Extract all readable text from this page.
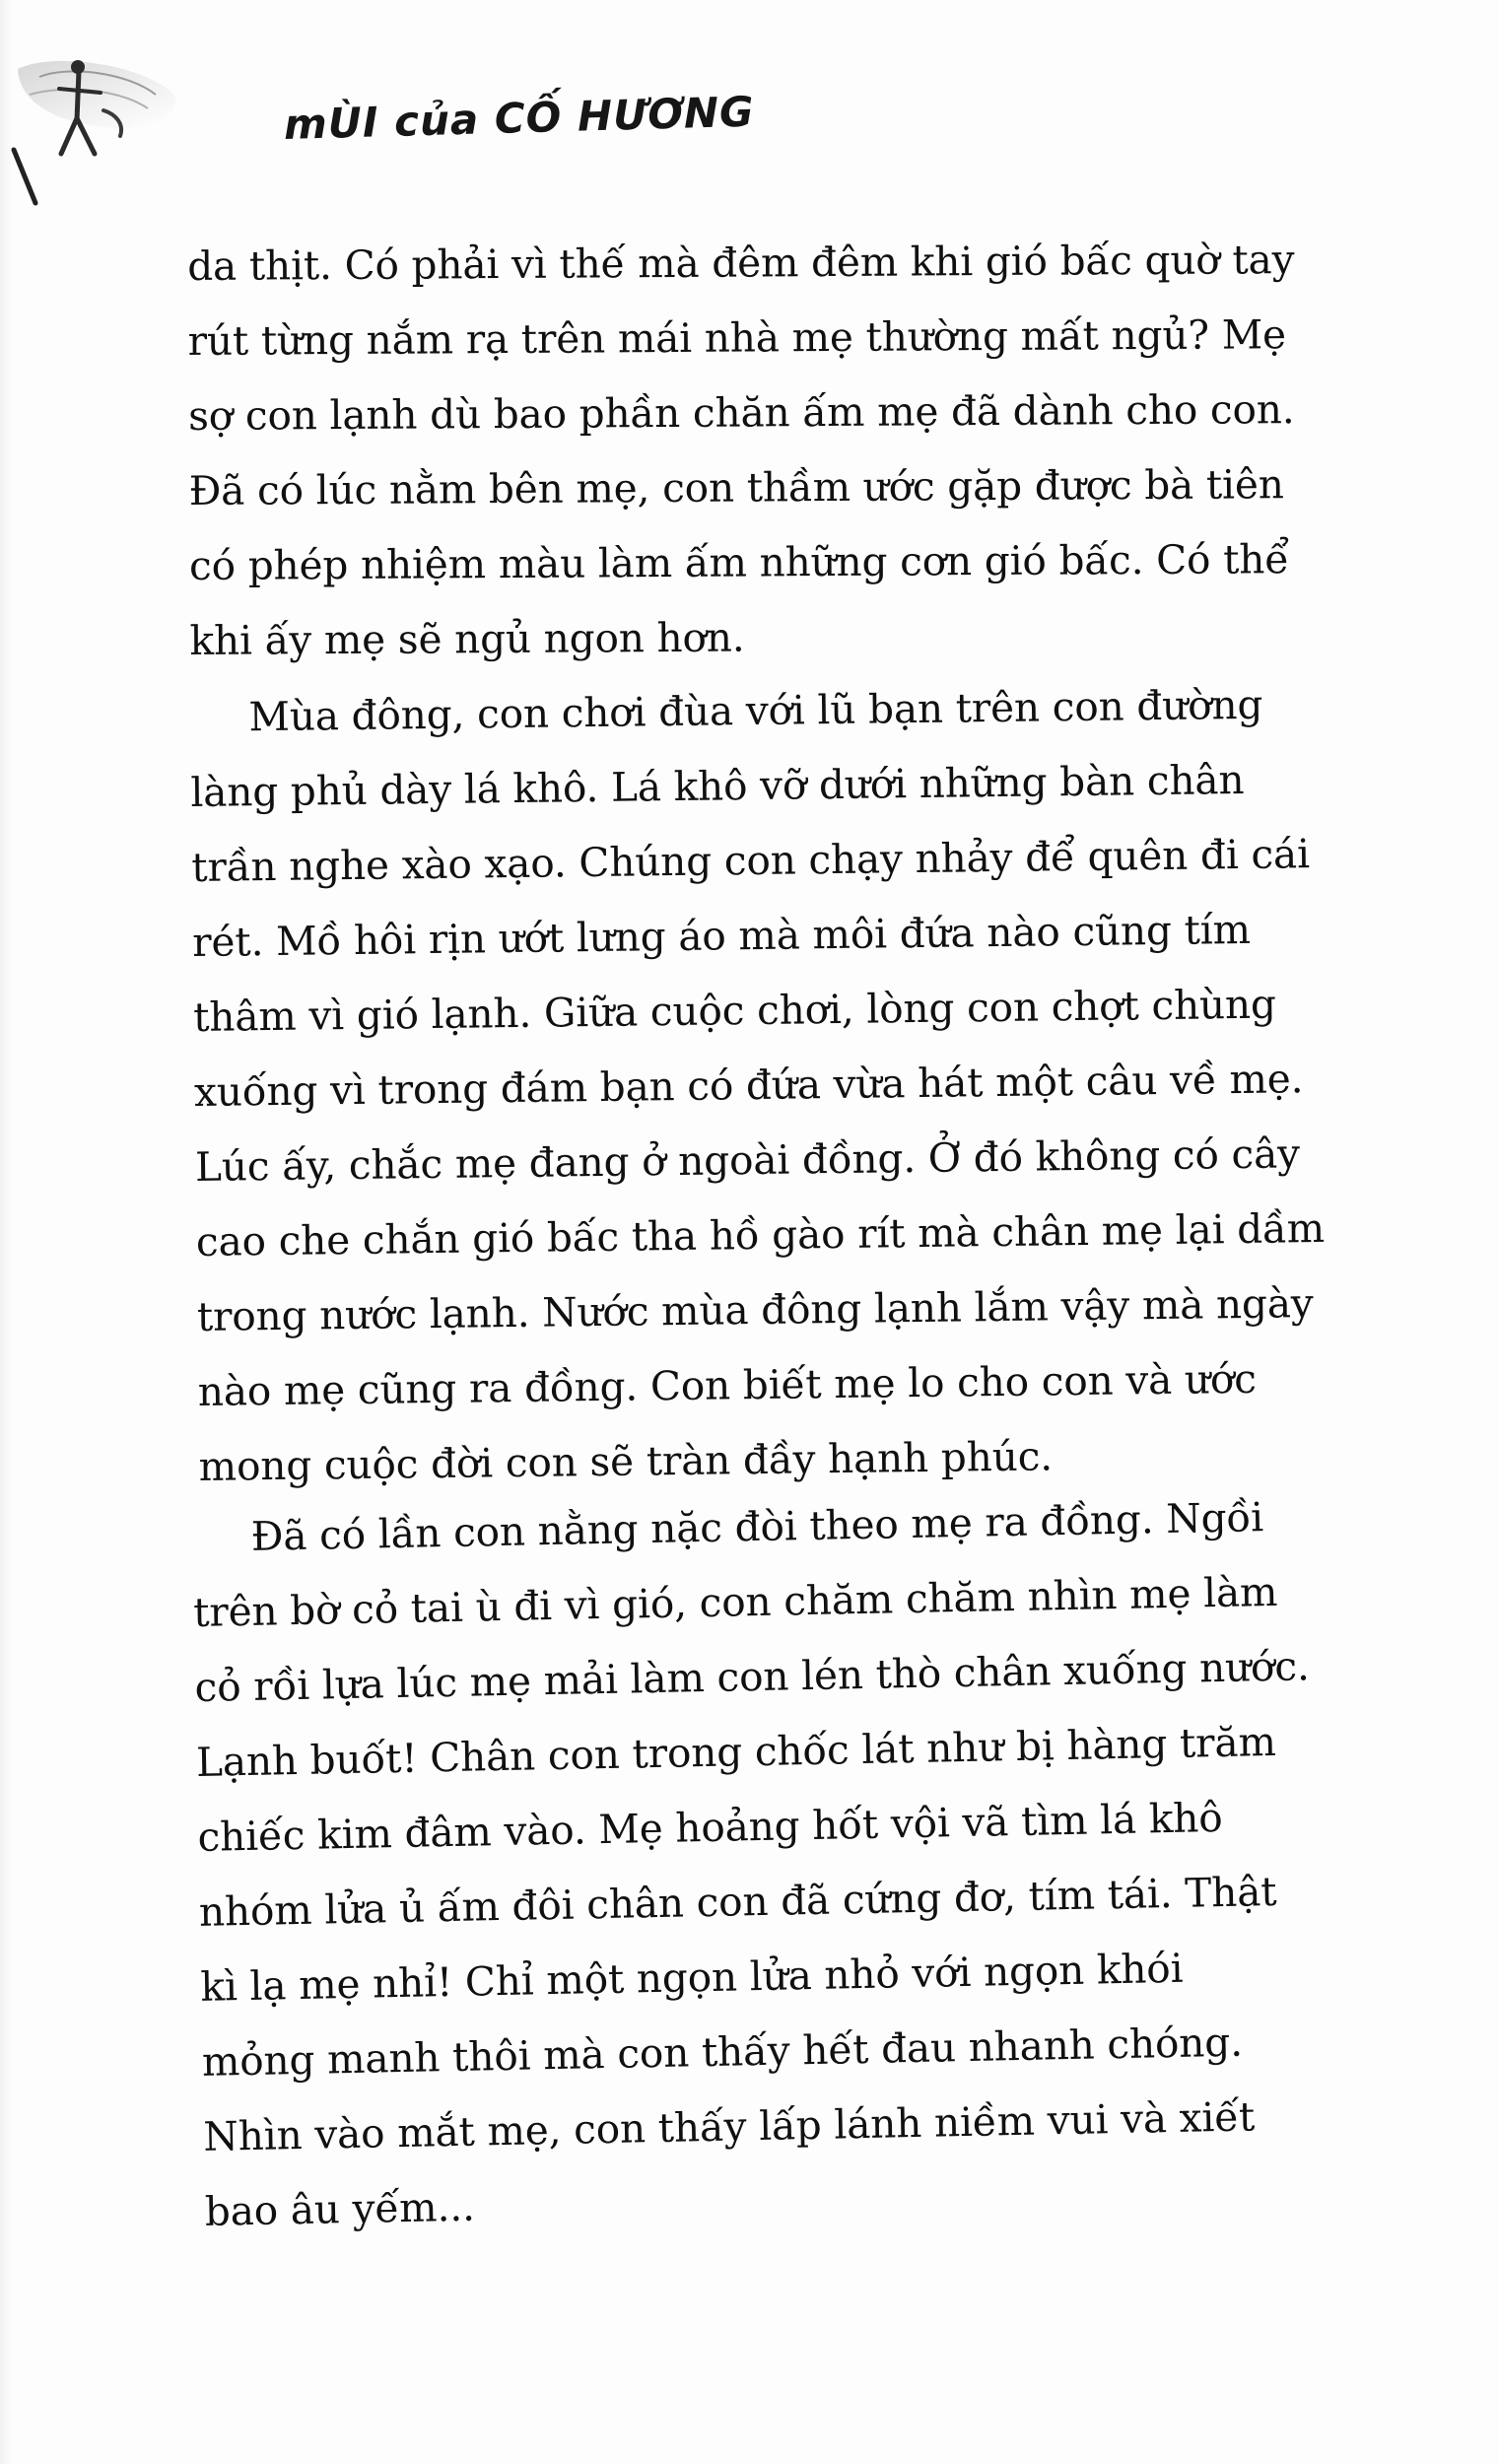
mÙI của CỐ HƯƠNG

da thịt. Có phải vì thế mà đêm đêm khi gió bấc quờ tay

rút từng nắm rạ trên mái nhà mẹ thường mất ngủ? Mẹ

sợ con lạnh dù bao phần chăn ấm mẹ đã dành cho con.

Đã có lúc nằm bên mẹ, con thầm ước gặp được bà tiên

có phép nhiệm màu làm ấm những cơn gió bấc. Có thể

khi ấy mẹ sẽ ngủ ngon hơn.

Mùa đông, con chơi đùa với lũ bạn trên con đường

làng phủ dày lá khô. Lá khô vỡ dưới những bàn chân

trần nghe xào xạo. Chúng con chạy nhảy để quên đi cái

rét. Mồ hôi rịn ướt lưng áo mà môi đứa nào cũng tím

thâm vì gió lạnh. Giữa cuộc chơi, lòng con chợt chùng

xuống vì trong đám bạn có đứa vừa hát một câu về mẹ.

Lúc ấy, chắc mẹ đang ở ngoài đồng. Ở đó không có cây

cao che chắn gió bấc tha hồ gào rít mà chân mẹ lại dầm

trong nước lạnh. Nước mùa đông lạnh lắm vậy mà ngày

nào mẹ cũng ra đồng. Con biết mẹ lo cho con và ước

mong cuộc đời con sẽ tràn đầy hạnh phúc.

Đã có lần con nằng nặc đòi theo mẹ ra đồng. Ngồi

trên bờ cỏ tai ù đi vì gió, con chăm chăm nhìn mẹ làm

cỏ rồi lựa lúc mẹ mải làm con lén thò chân xuống nước.

Lạnh buốt! Chân con trong chốc lát như bị hàng trăm

chiếc kim đâm vào. Mẹ hoảng hốt vội vã tìm lá khô

nhóm lửa ủ ấm đôi chân con đã cứng đơ, tím tái. Thật

kì lạ mẹ nhỉ! Chỉ một ngọn lửa nhỏ với ngọn khói

mỏng manh thôi mà con thấy hết đau nhanh chóng.

Nhìn vào mắt mẹ, con thấy lấp lánh niềm vui và xiết

bao âu yếm...
